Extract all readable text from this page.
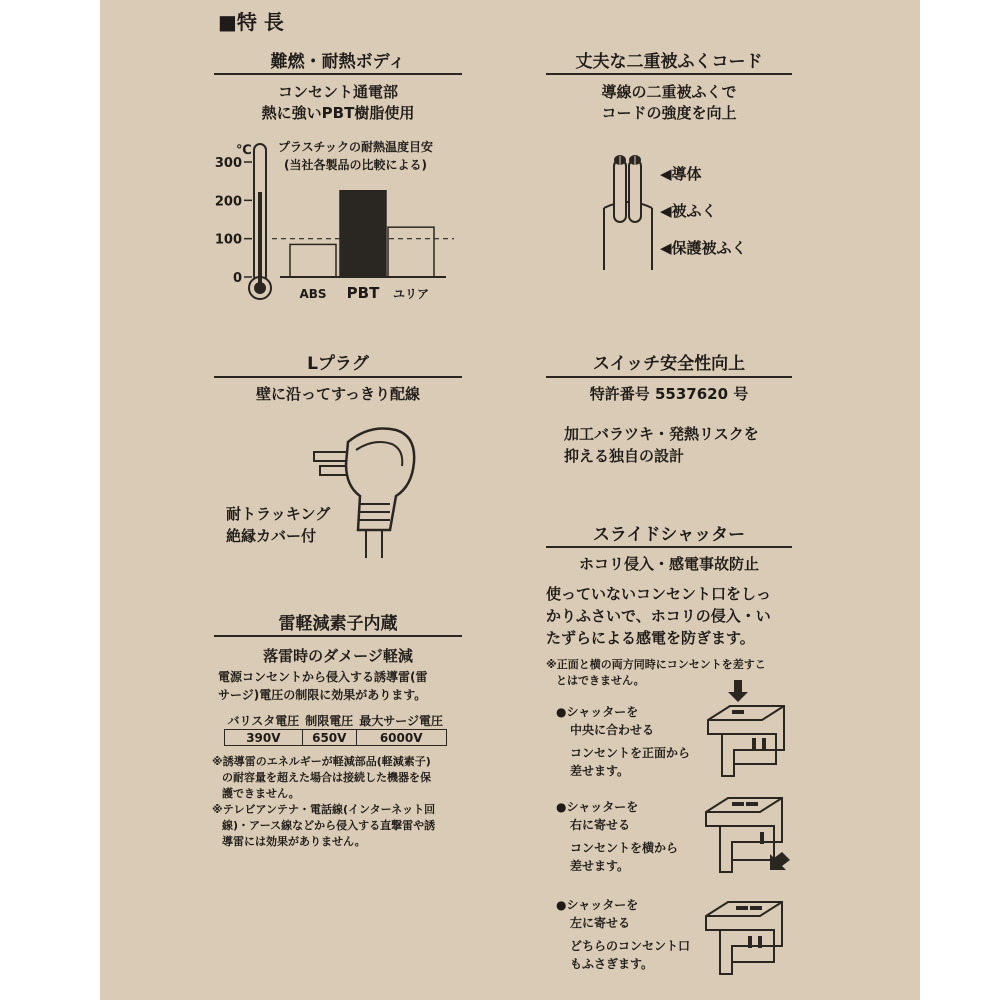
■特 長
難燃・耐熱ボディ
コンセント通電部
熱に強いPBT樹脂使用
プラスチックの耐熱温度目安
(当社各製品の比較による)
℃
0
100
200
300
ABS PBT ユリア
丈夫な二重被ふくコード
導線の二重被ふくで
コードの強度を向上
◀導体
◀被ふく
◀保護被ふく
Lプラグ
壁に沿ってすっきり配線
耐トラッキング
絶縁カバー付
スイッチ安全性向上
特許番号 5537620 号
加工バラツキ・発熱リスクを
抑える独自の設計
雷軽減素子内蔵
落雷時のダメージ軽減
電源コンセントから侵入する誘導雷(雷
サージ)電圧の制限に効果があります。
バリスタ電圧	制限電圧	最大サージ電圧
390V	650V	6000V
※誘導雷のエネルギーが軽減部品(軽減素子)
の耐容量を超えた場合は接続した機器を保
護できません。
※テレビアンテナ・電話線(インターネット回
線)・アース線などから侵入する直撃雷や誘
導雷には効果がありません。
スライドシャッター
ホコリ侵入・感電事故防止
使っていないコンセント口をしっ
かりふさいで、ホコリの侵入・い
たずらによる感電を防ぎます。
※正面と横の両方同時にコンセントを差すこ
とはできません。
●シャッターを
中央に合わせる
コンセントを正面から
差せます。
●シャッターを
右に寄せる
コンセントを横から
差せます。
●シャッターを
左に寄せる
どちらのコンセント口
もふさぎます。
